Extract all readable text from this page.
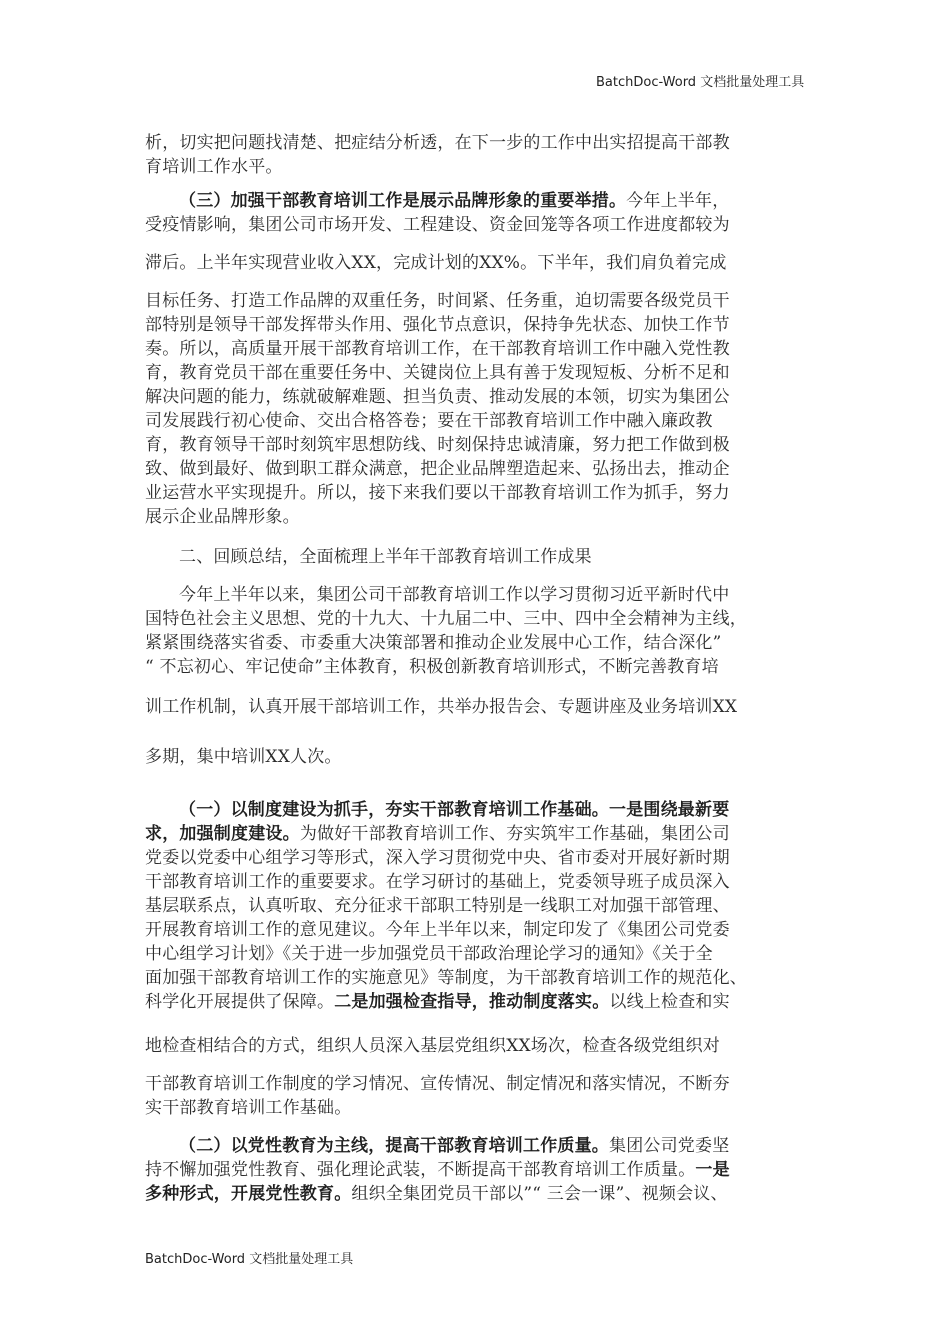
BatchDoc-Word 文档批量处理工具
析，切实把问题找清楚、把症结分析透，在下一步的工作中出实招提高干部教
育培训工作水平。
（三）加强干部教育培训工作是展示品牌形象的重要举措。今年上半年，
受疫情影响，集团公司市场开发、工程建设、资金回笼等各项工作进度都较为
滞后。上半年实现营业收入XX，完成计划的XX%。下半年，我们肩负着完成
目标任务、打造工作品牌的双重任务，时间紧、任务重，迫切需要各级党员干
部特别是领导干部发挥带头作用、强化节点意识，保持争先状态、加快工作节
奏。所以，高质量开展干部教育培训工作，在干部教育培训工作中融入党性教
育，教育党员干部在重要任务中、关键岗位上具有善于发现短板、分析不足和
解决问题的能力，练就破解难题、担当负责、推动发展的本领，切实为集团公
司发展践行初心使命、交出合格答卷；要在干部教育培训工作中融入廉政教
育，教育领导干部时刻筑牢思想防线、时刻保持忠诚清廉，努力把工作做到极
致、做到最好、做到职工群众满意，把企业品牌塑造起来、弘扬出去，推动企
业运营水平实现提升。所以，接下来我们要以干部教育培训工作为抓手，努力
展示企业品牌形象。
二、回顾总结，全面梳理上半年干部教育培训工作成果
今年上半年以来，集团公司干部教育培训工作以学习贯彻习近平新时代中
国特色社会主义思想、党的十九大、十九届二中、三中、四中全会精神为主线，
紧紧围绕落实省委、市委重大决策部署和推动企业发展中心工作，结合深化”
“ 不忘初心、牢记使命”主体教育，积极创新教育培训形式，不断完善教育培
训工作机制，认真开展干部培训工作，共举办报告会、专题讲座及业务培训XX
多期，集中培训XX人次。
（一）以制度建设为抓手，夯实干部教育培训工作基础。一是围绕最新要
求，加强制度建设。为做好干部教育培训工作、夯实筑牢工作基础，集团公司
党委以党委中心组学习等形式，深入学习贯彻党中央、省市委对开展好新时期
干部教育培训工作的重要要求。在学习研讨的基础上，党委领导班子成员深入
基层联系点，认真听取、充分征求干部职工特别是一线职工对加强干部管理、
开展教育培训工作的意见建议。今年上半年以来，制定印发了《集团公司党委
中心组学习计划》《关于进一步加强党员干部政治理论学习的通知》《关于全
面加强干部教育培训工作的实施意见》等制度，为干部教育培训工作的规范化、
科学化开展提供了保障。二是加强检查指导，推动制度落实。以线上检查和实
地检查相结合的方式，组织人员深入基层党组织XX场次，检查各级党组织对
干部教育培训工作制度的学习情况、宣传情况、制定情况和落实情况，不断夯
实干部教育培训工作基础。
（二）以党性教育为主线，提高干部教育培训工作质量。集团公司党委坚
持不懈加强党性教育、强化理论武装，不断提高干部教育培训工作质量。一是
多种形式，开展党性教育。组织全集团党员干部以”“ 三会一课”、视频会议、
BatchDoc-Word 文档批量处理工具
